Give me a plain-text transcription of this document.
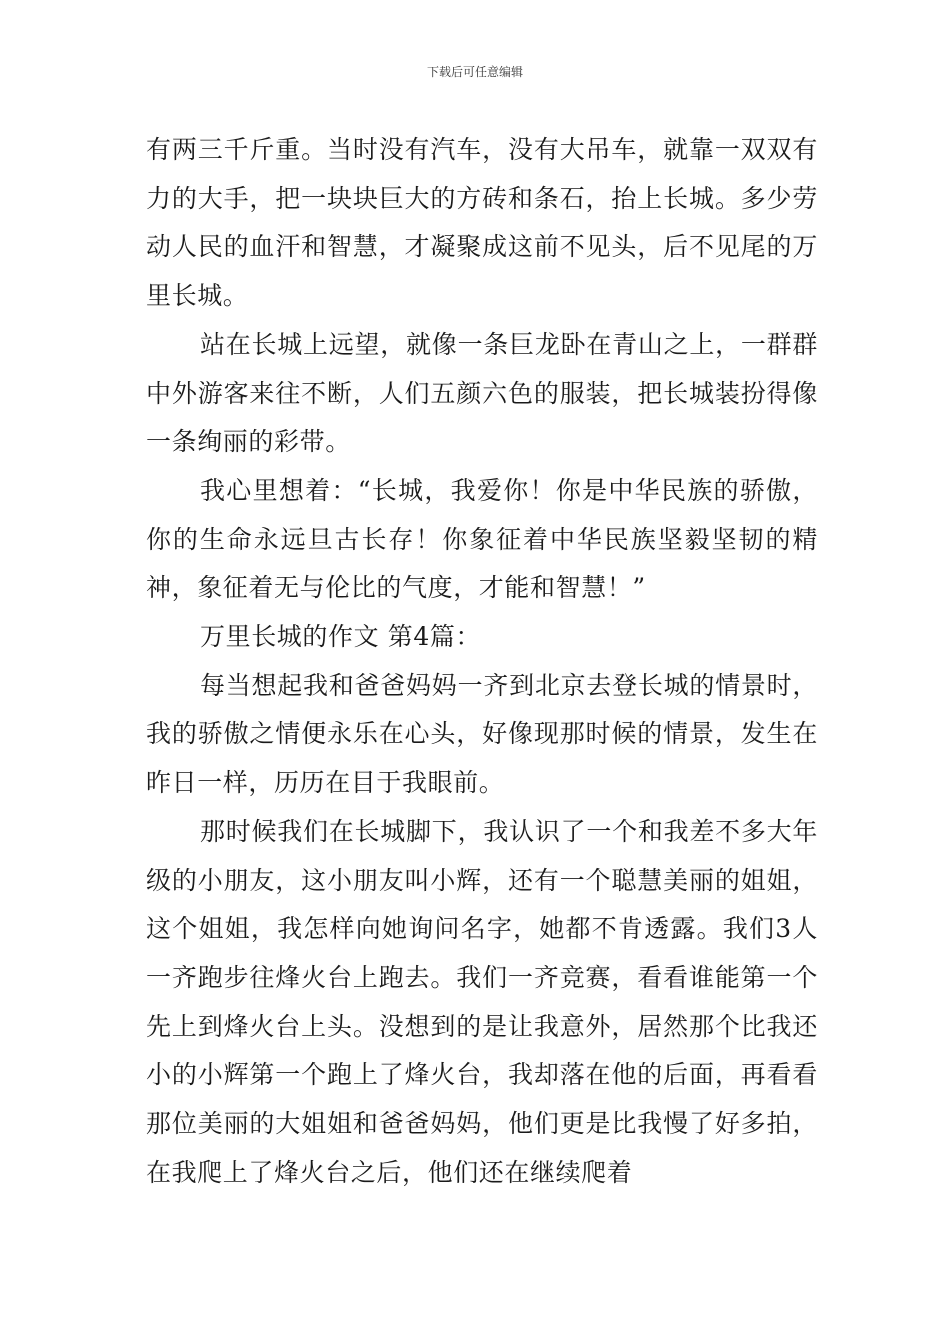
下载后可任意编辑

有两三千斤重。当时没有汽车，没有大吊车，就靠一双双有力的大手，把一块块巨大的方砖和条石，抬上长城。多少劳动人民的血汗和智慧，才凝聚成这前不见头，后不见尾的万里长城。

站在长城上远望，就像一条巨龙卧在青山之上，一群群中外游客来往不断，人们五颜六色的服装，把长城装扮得像一条绚丽的彩带。

我心里想着：“长城，我爱你！你是中华民族的骄傲，你的生命永远旦古长存！你象征着中华民族坚毅坚韧的精神，象征着无与伦比的气度，才能和智慧！”

万里长城的作文 第4篇：

每当想起我和爸爸妈妈一齐到北京去登长城的情景时，我的骄傲之情便永乐在心头，好像现那时候的情景，发生在昨日一样，历历在目于我眼前。

那时候我们在长城脚下，我认识了一个和我差不多大年级的小朋友，这小朋友叫小辉，还有一个聪慧美丽的姐姐，这个姐姐，我怎样向她询问名字，她都不肯透露。我们3人一齐跑步往烽火台上跑去。我们一齐竞赛，看看谁能第一个先上到烽火台上头。没想到的是让我意外，居然那个比我还小的小辉第一个跑上了烽火台，我却落在他的后面，再看看那位美丽的大姐姐和爸爸妈妈，他们更是比我慢了好多拍，在我爬上了烽火台之后，他们还在继续爬着
